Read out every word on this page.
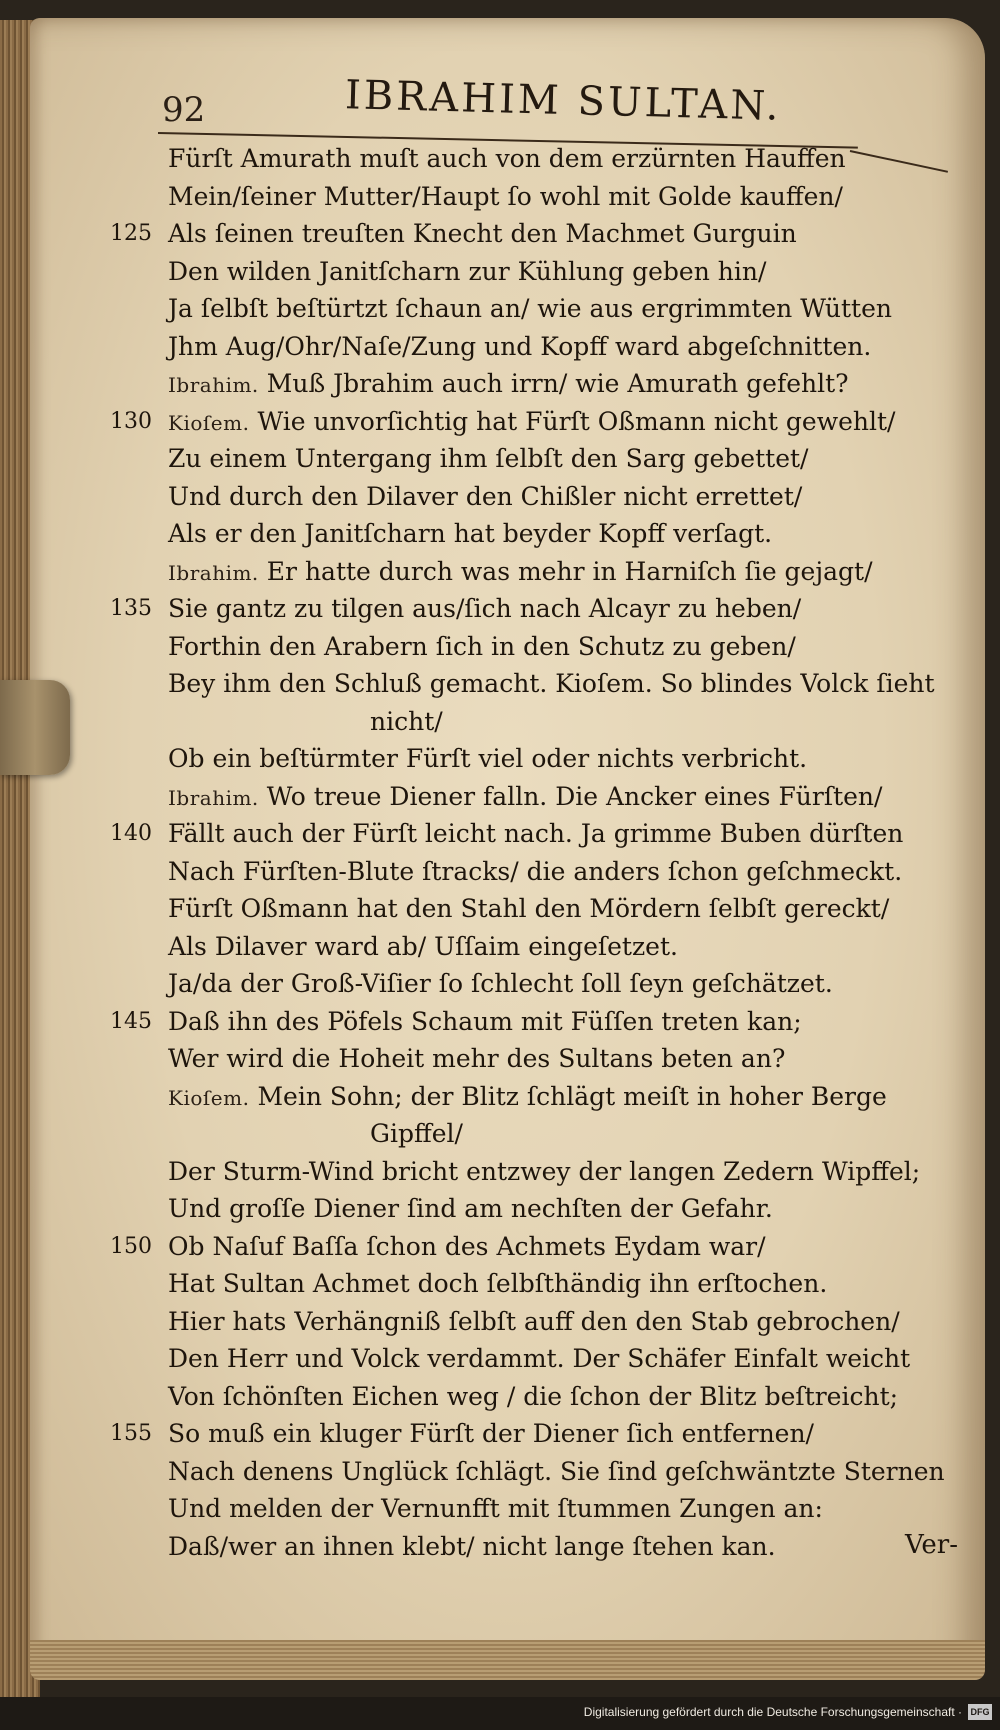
92	IBRAHIM SULTAN.
Fürſt Amurath muſt auch von dem erzürnten Hauffen
Mein/ſeiner Mutter/Haupt ſo wohl mit Golde kauffen/
125 Als ſeinen treuſten Knecht den Machmet Gurguin
Den wilden Janitſcharn zur Kühlung geben hin/
Ja ſelbſt beſtürtzt ſchaun an/ wie aus ergrimmten Wütten
Jhm Aug/Ohr/Naſe/Zung und Kopff ward abgeſchnitten.
Ibrahim. Muß Jbrahim auch irrn/ wie Amurath gefehlt?
130 Kioſem. Wie unvorſichtig hat Fürſt Oßmann nicht gewehlt/
Zu einem Untergang ihm ſelbſt den Sarg gebettet/
Und durch den Dilaver den Chißler nicht errettet/
Als er den Janitſcharn hat beyder Kopff verſagt.
Ibrahim. Er hatte durch was mehr in Harniſch ſie gejagt/
135 Sie gantz zu tilgen aus/ſich nach Alcayr zu heben/
Forthin den Arabern ſich in den Schutz zu geben/
Bey ihm den Schluß gemacht. Kioſem. So blindes Volck ſieht
nicht/
Ob ein beſtürmter Fürſt viel oder nichts verbricht.
Ibrahim. Wo treue Diener falln. Die Ancker eines Fürſten/
140 Fällt auch der Fürſt leicht nach. Ja grimme Buben dürſten
Nach Fürſten-Blute ſtracks/ die anders ſchon geſchmeckt.
Fürſt Oßmann hat den Stahl den Mördern ſelbſt gereckt/
Als Dilaver ward ab/ Uſſaim eingeſetzet.
Ja/da der Groß-Viſier ſo ſchlecht ſoll ſeyn geſchätzet.
145 Daß ihn des Pöfels Schaum mit Füſſen treten kan;
Wer wird die Hoheit mehr des Sultans beten an?
Kioſem. Mein Sohn; der Blitz ſchlägt meiſt in hoher Berge
Gipffel/
Der Sturm-Wind bricht entzwey der langen Zedern Wipffel;
Und groſſe Diener ſind am nechſten der Gefahr.
150 Ob Naſuf Baſſa ſchon des Achmets Eydam war/
Hat Sultan Achmet doch ſelbſthändig ihn erſtochen.
Hier hats Verhängniß ſelbſt auff den den Stab gebrochen/
Den Herr und Volck verdammt. Der Schäfer Einfalt weicht
Von ſchönſten Eichen weg / die ſchon der Blitz beſtreicht;
155 So muß ein kluger Fürſt der Diener ſich entfernen/
Nach denens Unglück ſchlägt. Sie ſind geſchwäntzte Sternen
Und melden der Vernunfft mit ſtummen Zungen an:
Daß/wer an ihnen klebt/ nicht lange ſtehen kan.	Ver-
Digitalisierung gefördert durch die Deutsche Forschungsgemeinschaft · DFG
